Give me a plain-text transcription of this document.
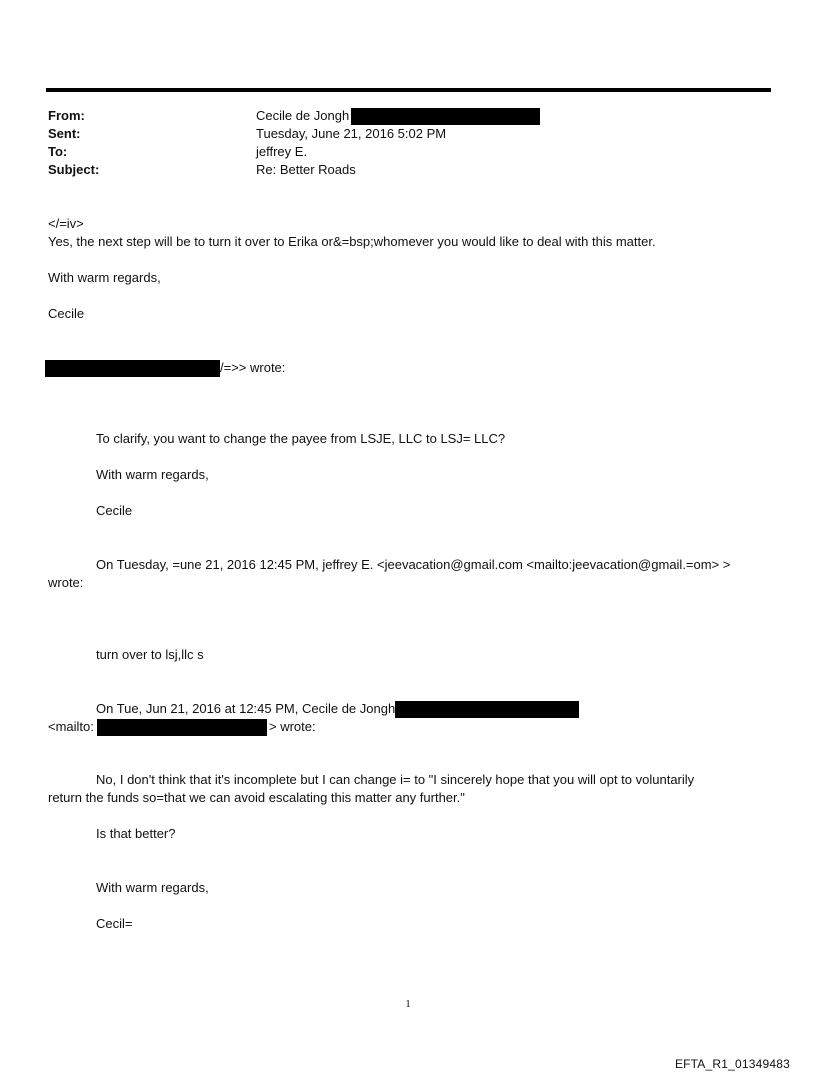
From:	Cecile de Jongh
Sent:	Tuesday, June 21, 2016 5:02 PM
To:	jeffrey E.
Subject:	Re: Better Roads
</=iv>
Yes, the next step will be to turn it over to Erika or&=bsp;whomever you would like to deal with this matter.
With warm regards,
Cecile
/=>> wrote:
To clarify, you want to change the payee from LSJE, LLC to LSJ= LLC?
With warm regards,
Cecile
On Tuesday, =une 21, 2016 12:45 PM, jeffrey E. <jeevacation@gmail.com <mailto:jeevacation@gmail.=om> >
wrote:
turn over to lsj,llc s
On Tue, Jun 21, 2016 at 12:45 PM, Cecile de Jongh
<mailto:	> wrote:
No, I don't think that it's incomplete but I can change i= to "I sincerely hope that you will opt to voluntarily
return the funds so=that we can avoid escalating this matter any further."
Is that better?
With warm regards,
Cecil=
1
EFTA_R1_01349483
